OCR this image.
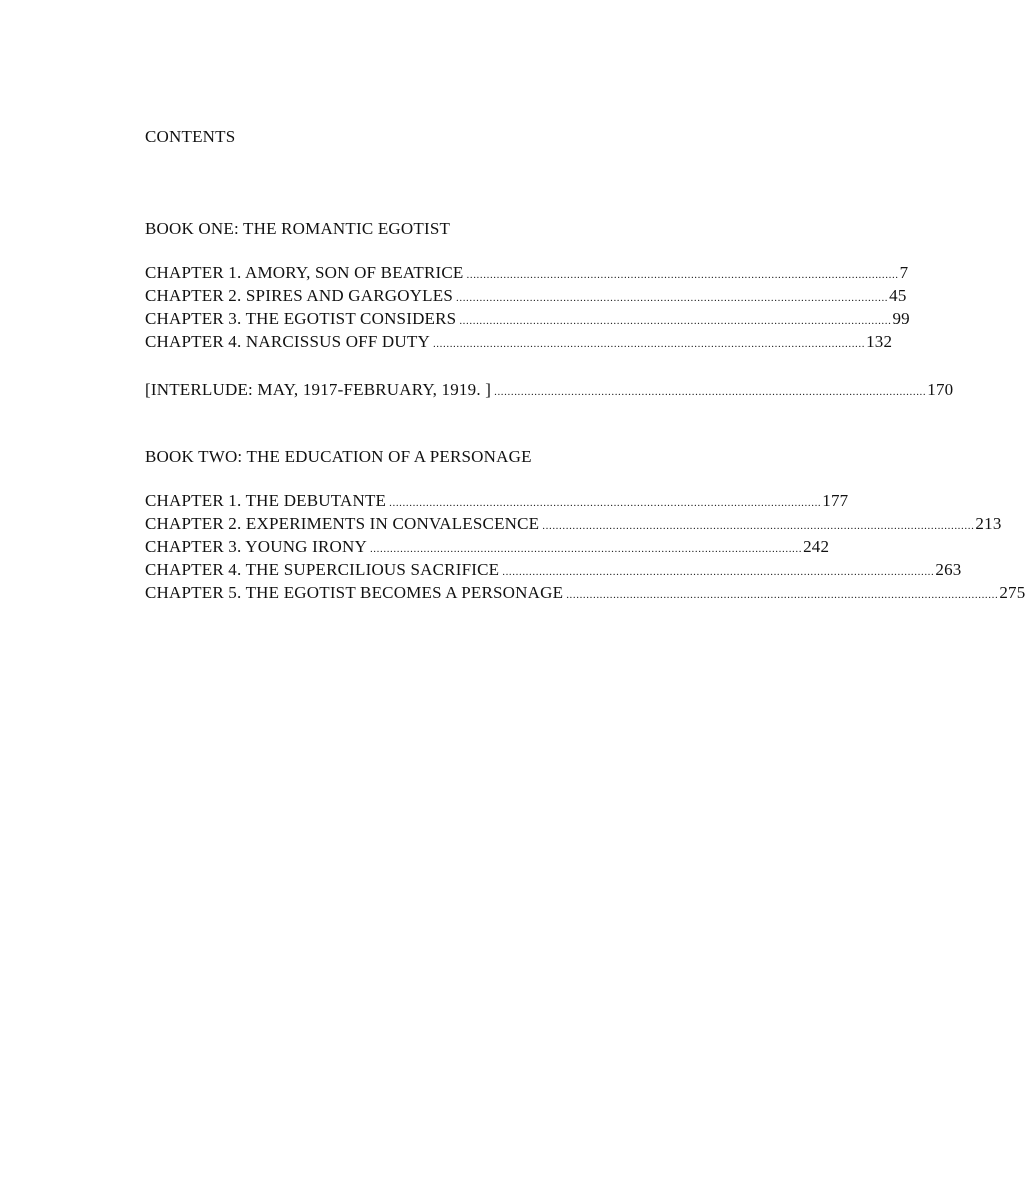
CONTENTS
BOOK ONE: THE ROMANTIC EGOTIST
CHAPTER 1. AMORY, SON OF BEATRICE ................................................................................................................................. 7
CHAPTER 2. SPIRES AND GARGOYLES ................................................................................................................................. 45
CHAPTER 3. THE EGOTIST CONSIDERS ................................................................................................................................. 99
CHAPTER 4. NARCISSUS OFF DUTY ................................................................................................................................. 132
[INTERLUDE: MAY, 1917-FEBRUARY, 1919. ] ................................................................................................................................. 170
BOOK TWO: THE EDUCATION OF A PERSONAGE
CHAPTER 1. THE DEBUTANTE ................................................................................................................................. 177
CHAPTER 2. EXPERIMENTS IN CONVALESCENCE ................................................................................................................................. 213
CHAPTER 3. YOUNG IRONY ................................................................................................................................. 242
CHAPTER 4. THE SUPERCILIOUS SACRIFICE ................................................................................................................................. 263
CHAPTER 5. THE EGOTIST BECOMES A PERSONAGE ................................................................................................................................. 275
